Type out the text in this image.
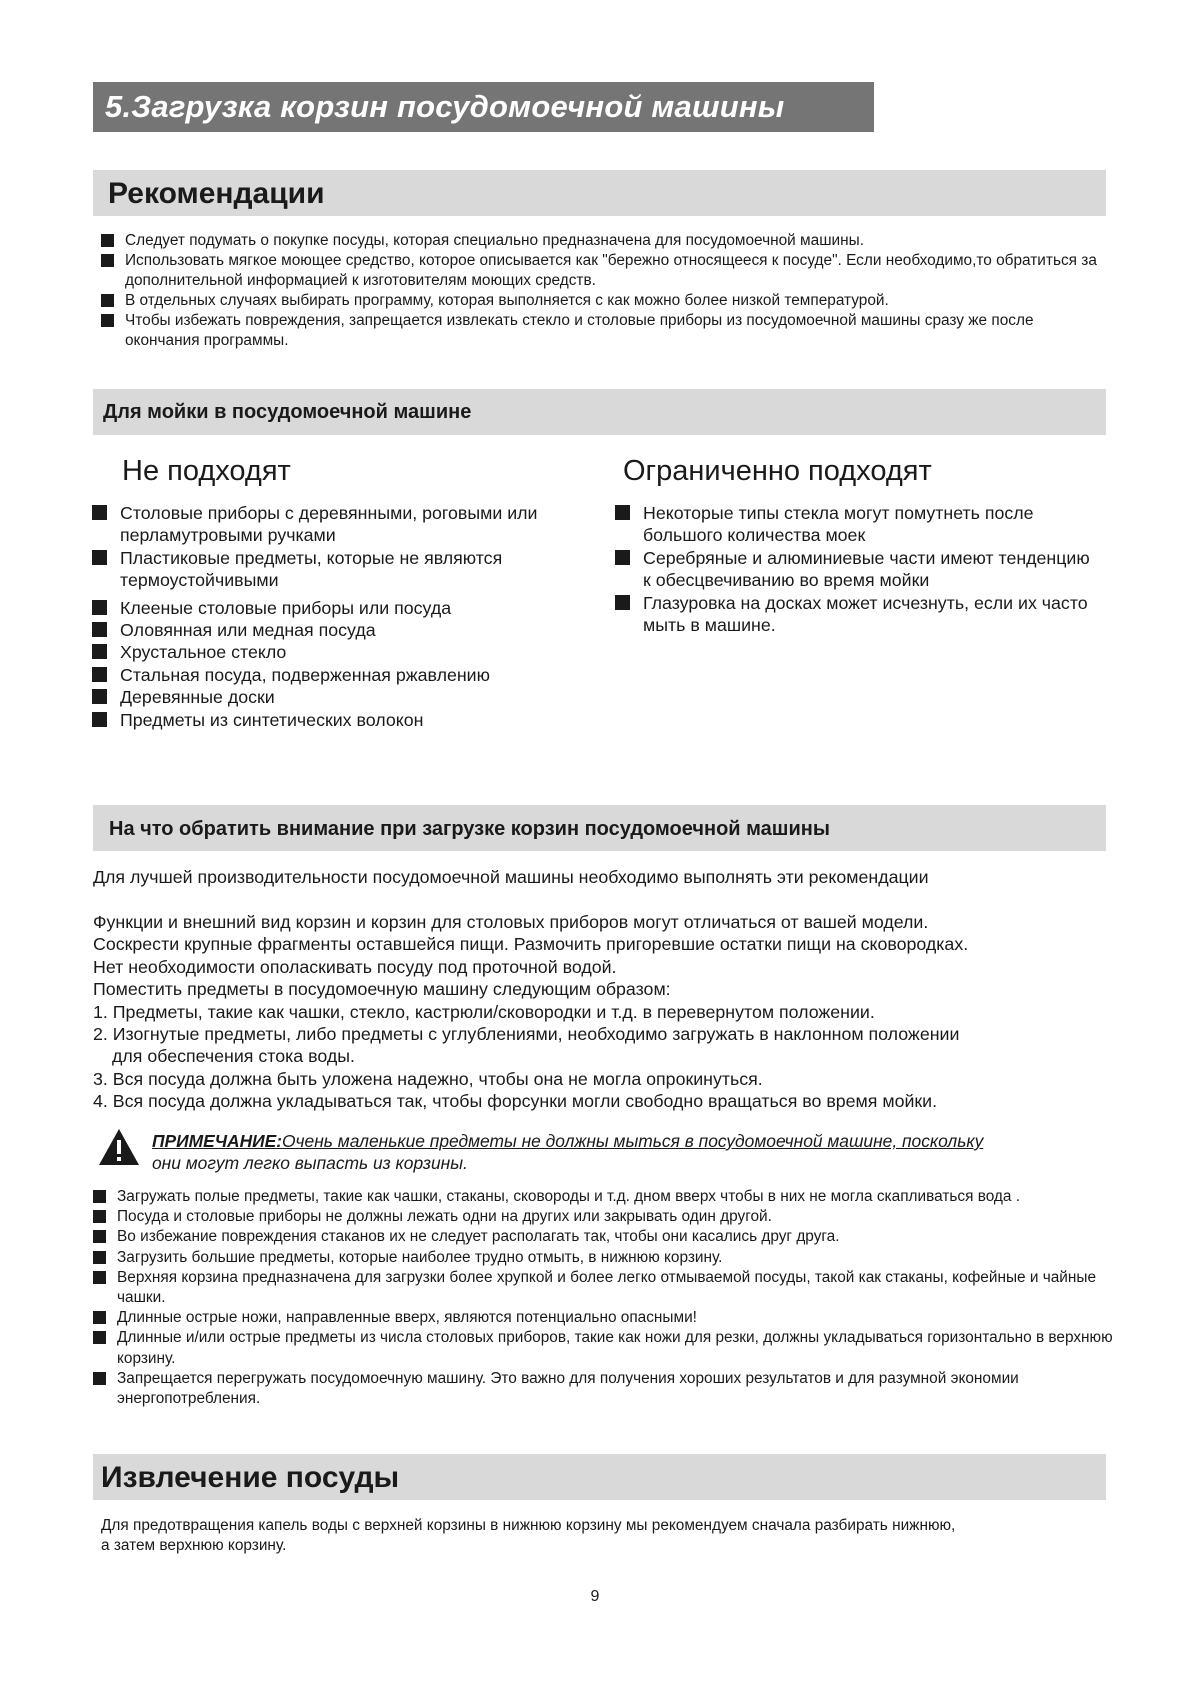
5.Загрузка корзин посудомоечной машины
Рекомендации
Следует подумать о покупке посуды, которая специально предназначена для посудомоечной машины.
Использовать мягкое моющее средство, которое описывается как "бережно относящееся к посуде". Если необходимо,то обратиться за дополнительной информацией к изготовителям моющих средств.
В отдельных случаях выбирать программу, которая выполняется с как можно более низкой температурой.
Чтобы избежать повреждения, запрещается извлекать стекло и столовые приборы из посудомоечной машины сразу же после окончания программы.
Для мойки в посудомоечной машине
Не подходят	Ограниченно подходят
Столовые приборы с деревянными, роговыми или перламутровыми ручками
Пластиковые предметы, которые не являются термоустойчивыми
Клееные столовые приборы или посуда
Оловянная или медная посуда
Хрустальное стекло
Стальная посуда, подверженная ржавлению
Деревянные доски
Предметы из синтетических волокон
Некоторые типы стекла могут помутнеть после большого количества моек
Серебряные и алюминиевые части имеют тенденцию к обесцвечиванию во время мойки
Глазуровка на досках может исчезнуть, если их часто мыть в машине.
На что обратить внимание при загрузке корзин посудомоечной машины

Для лучшей производительности посудомоечной машины необходимо выполнять эти рекомендации

Функции и внешний вид корзин и корзин для столовых приборов могут отличаться от вашей модели.

Соскрести крупные фрагменты оставшейся пищи. Размочить пригоревшие остатки пищи на сковородках.

Нет необходимости ополаскивать посуду под проточной водой.

Поместить предметы в посудомоечную машину следующим образом:

1. Предметы, такие как чашки, стекло, кастрюли/сковородки и т.д. в перевернутом положении.

2. Изогнутые предметы, либо предметы с углублениями, необходимо загружать в наклонном положении

для обеспечения стока воды.

3. Вся посуда должна быть уложена надежно, чтобы она не могла опрокинуться.

4. Вся посуда должна укладываться так, чтобы форсунки могли свободно вращаться во время мойки.

ПРИМЕЧАНИЕ:Очень маленькие предметы не должны мыться в посудомоечной машине, поскольку
они могут легко выпасть из корзины.
Загружать полые предметы, такие как чашки, стаканы, сковороды и т.д. дном вверх чтобы в них не могла скапливаться вода .
Посуда и столовые приборы не должны лежать одни на других или закрывать один другой.
Во избежание повреждения стаканов их не следует располагать так, чтобы они касались друг друга.
Загрузить большие предметы, которые наиболее трудно отмыть, в нижнюю корзину.
Верхняя корзина предназначена для загрузки более хрупкой и более легко отмываемой посуды, такой как стаканы, кофейные и чайные чашки.
Длинные острые ножи, направленные вверх, являются потенциально опасными!
Длинные и/или острые предметы из числа столовых приборов, такие как ножи для резки, должны укладываться горизонтально в верхнюю корзину.
Запрещается перегружать посудомоечную машину. Это важно для получения хороших результатов и для разумной экономии энергопотребления.
Извлечение посуды

Для предотвращения капель воды с верхней корзины в нижнюю корзину мы рекомендуем сначала разбирать нижнюю,

а затем верхнюю корзину.

9
